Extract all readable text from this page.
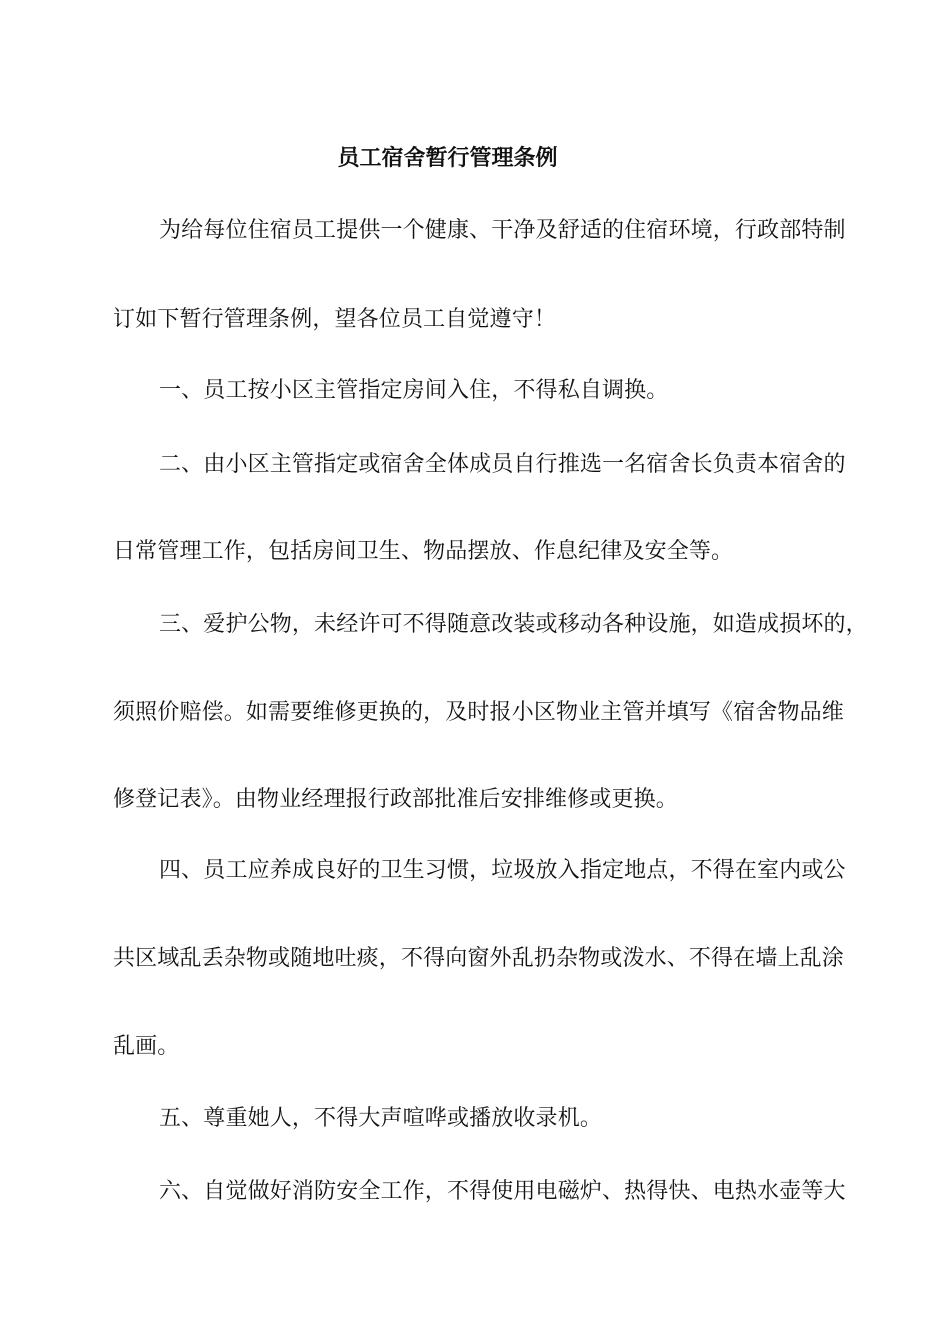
员工宿舍暂行管理条例
为给每位住宿员工提供一个健康、干净及舒适的住宿环境，行政部特制
订如下暂行管理条例，望各位员工自觉遵守！
一、员工按小区主管指定房间入住，不得私自调换。
二、由小区主管指定或宿舍全体成员自行推选一名宿舍长负责本宿舍的
日常管理工作，包括房间卫生、物品摆放、作息纪律及安全等。
三、爱护公物，未经许可不得随意改装或移动各种设施，如造成损坏的，
须照价赔偿。如需要维修更换的，及时报小区物业主管并填写《宿舍物品维
修登记表》。由物业经理报行政部批准后安排维修或更换。
四、员工应养成良好的卫生习惯，垃圾放入指定地点，不得在室内或公
共区域乱丢杂物或随地吐痰，不得向窗外乱扔杂物或泼水、不得在墙上乱涂
乱画。
五、尊重她人，不得大声喧哗或播放收录机。
六、自觉做好消防安全工作，不得使用电磁炉、热得快、电热水壶等大
